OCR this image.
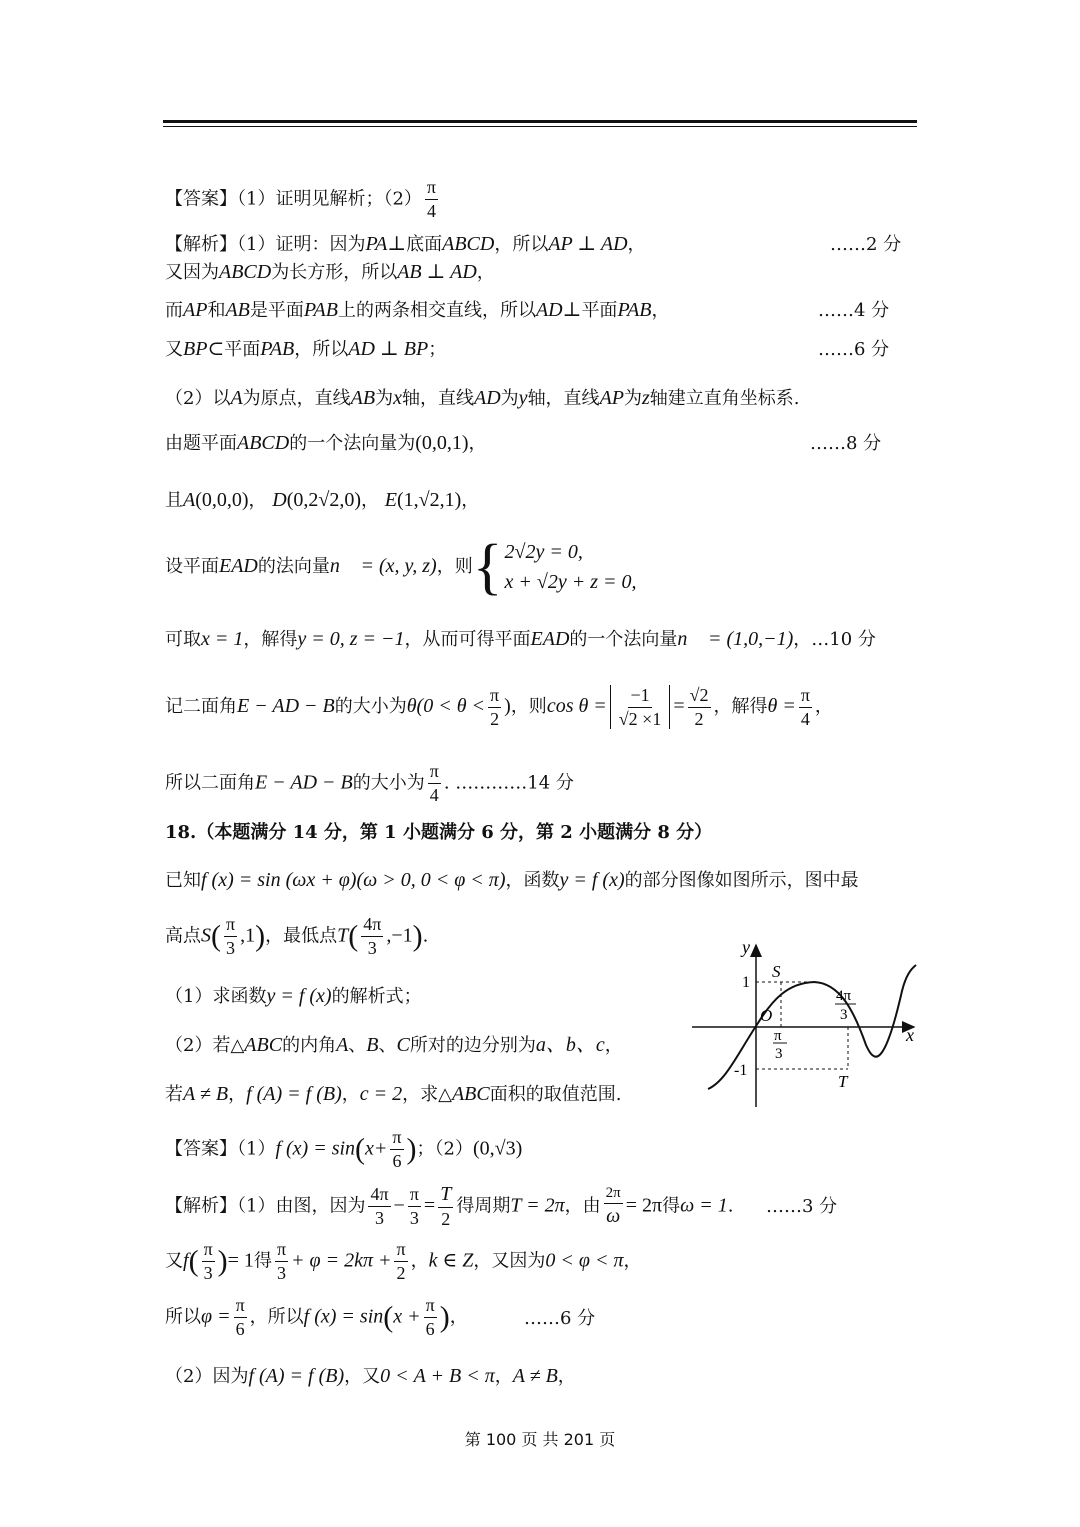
【答案】（1）证明见解析；$(2) \frac{\pi}{4}$
【解析】（1）证明：因为PA⊥底面ABCD，所以AP ⊥ AD，	……2 分
又因为ABCD为长方形，所以AB ⊥ AD，
而AP和AB是平面PAB上的两条相交直线，所以AD⊥平面PAB，	……4 分
又BP⊂平面PAB，所以AD ⊥ BP；	……6 分
（2）以A为原点，直线AB为x轴，直线AD为y轴，直线AP为z轴建立直角坐标系.
由题平面ABCD的一个法向量为(0,0,1)，	……8 分
且A(0,0,0)， D(0,2√2,0)， E(1,√2,1)，
设平面EAD的法向量n⃗ = (x, y, z)，则 { 2√2y = 0,
x + √2y + z = 0,
可取x = 1，解得y = 0, z = −1，从而可得平面EAD的一个法向量n⃗ = (1,0,−1)，…10 分
记二面角E − AD − B的大小为$\theta(0 < \theta < \frac{\pi}{2}$ )，则$\cos \theta = \frac{-1}{√2 \times 1} = \frac{√2}{2}$ ，解得$\theta = \frac{\pi}{4}$ ，
所以二面角E − AD − B的大小为 $\frac{\pi}{4}$ . …………14 分
18.（本题满分 14 分，第 1 小题满分 6 分，第 2 小题满分 8 分）
已知f (x) = sin (ωx + φ)(ω > 0, 0 < φ < π)，函数y = f (x)的部分图像如图所示，图中最
高点$S( \frac{\pi}{3} ,1)$，最低点$T( \frac{4\pi}{3} ,-1)$.
（1）求函数y = f (x)的解析式；
（2）若△ABC的内角A、B、C所对的边分别为a、b、c，
若A ≠ B，f (A) = f (B)，c = 2，求△ABC面积的取值范围.
y
x
O
1
-1
S
T
π
3
4π
3
【答案】（1）f $(x) = \sin(x+ \frac{\pi}{6}$ )；（2）(0,√3)
【解析】（1）由图，因为 $\frac{4\pi}{3} - \frac{\pi}{3} = \frac{T}{2}$ 得周期T = 2π，由 $\frac{2\pi}{\omega} = 2\pi$得ω = 1. ……3 分
又$f( \frac{\pi}{3}$ )= 1得 $\frac{\pi}{3} + \varphi = 2k\pi + \frac{\pi}{2}$ ，k ∈ Z，又因为0 < φ < π，
所以$\varphi = \frac{\pi}{6}$ ，所以f $(x) = \sin(x + \frac{\pi}{6}$ )，	……6 分
（2）因为f (A) = f (B)，又0 < A + B < π，A ≠ B，
第 100 页 共 201 页
